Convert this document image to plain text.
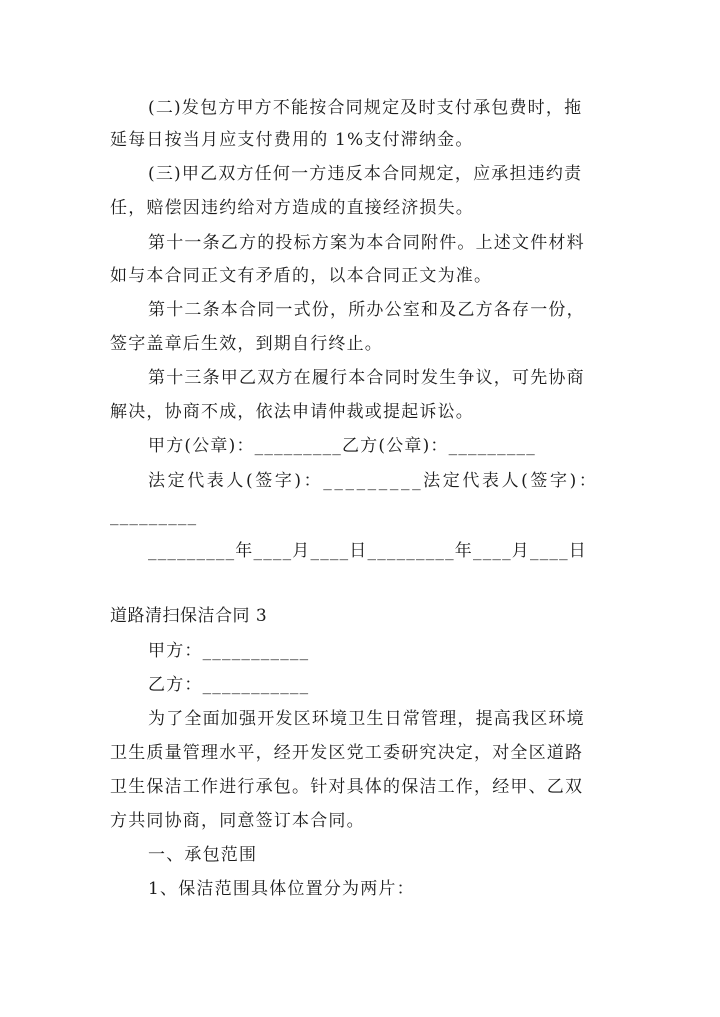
(二)发包方甲方不能按合同规定及时支付承包费时，拖
延每日按当月应支付费用的 1%支付滞纳金。
(三)甲乙双方任何一方违反本合同规定，应承担违约责
任，赔偿因违约给对方造成的直接经济损失。
第十一条乙方的投标方案为本合同附件。上述文件材料
如与本合同正文有矛盾的，以本合同正文为准。
第十二条本合同一式份，所办公室和及乙方各存一份，
签字盖章后生效，到期自行终止。
第十三条甲乙双方在履行本合同时发生争议，可先协商
解决，协商不成，依法申请仲裁或提起诉讼。
甲方(公章)：_________乙方(公章)：_________
法定代表人(签字)：_________法定代表人(签字)：
_________
_________年____月____日_________年____月____日
道路清扫保洁合同 3
甲方：___________
乙方：___________
为了全面加强开发区环境卫生日常管理，提高我区环境
卫生质量管理水平，经开发区党工委研究决定，对全区道路
卫生保洁工作进行承包。针对具体的保洁工作，经甲、乙双
方共同协商，同意签订本合同。
一、承包范围
1、保洁范围具体位置分为两片：
